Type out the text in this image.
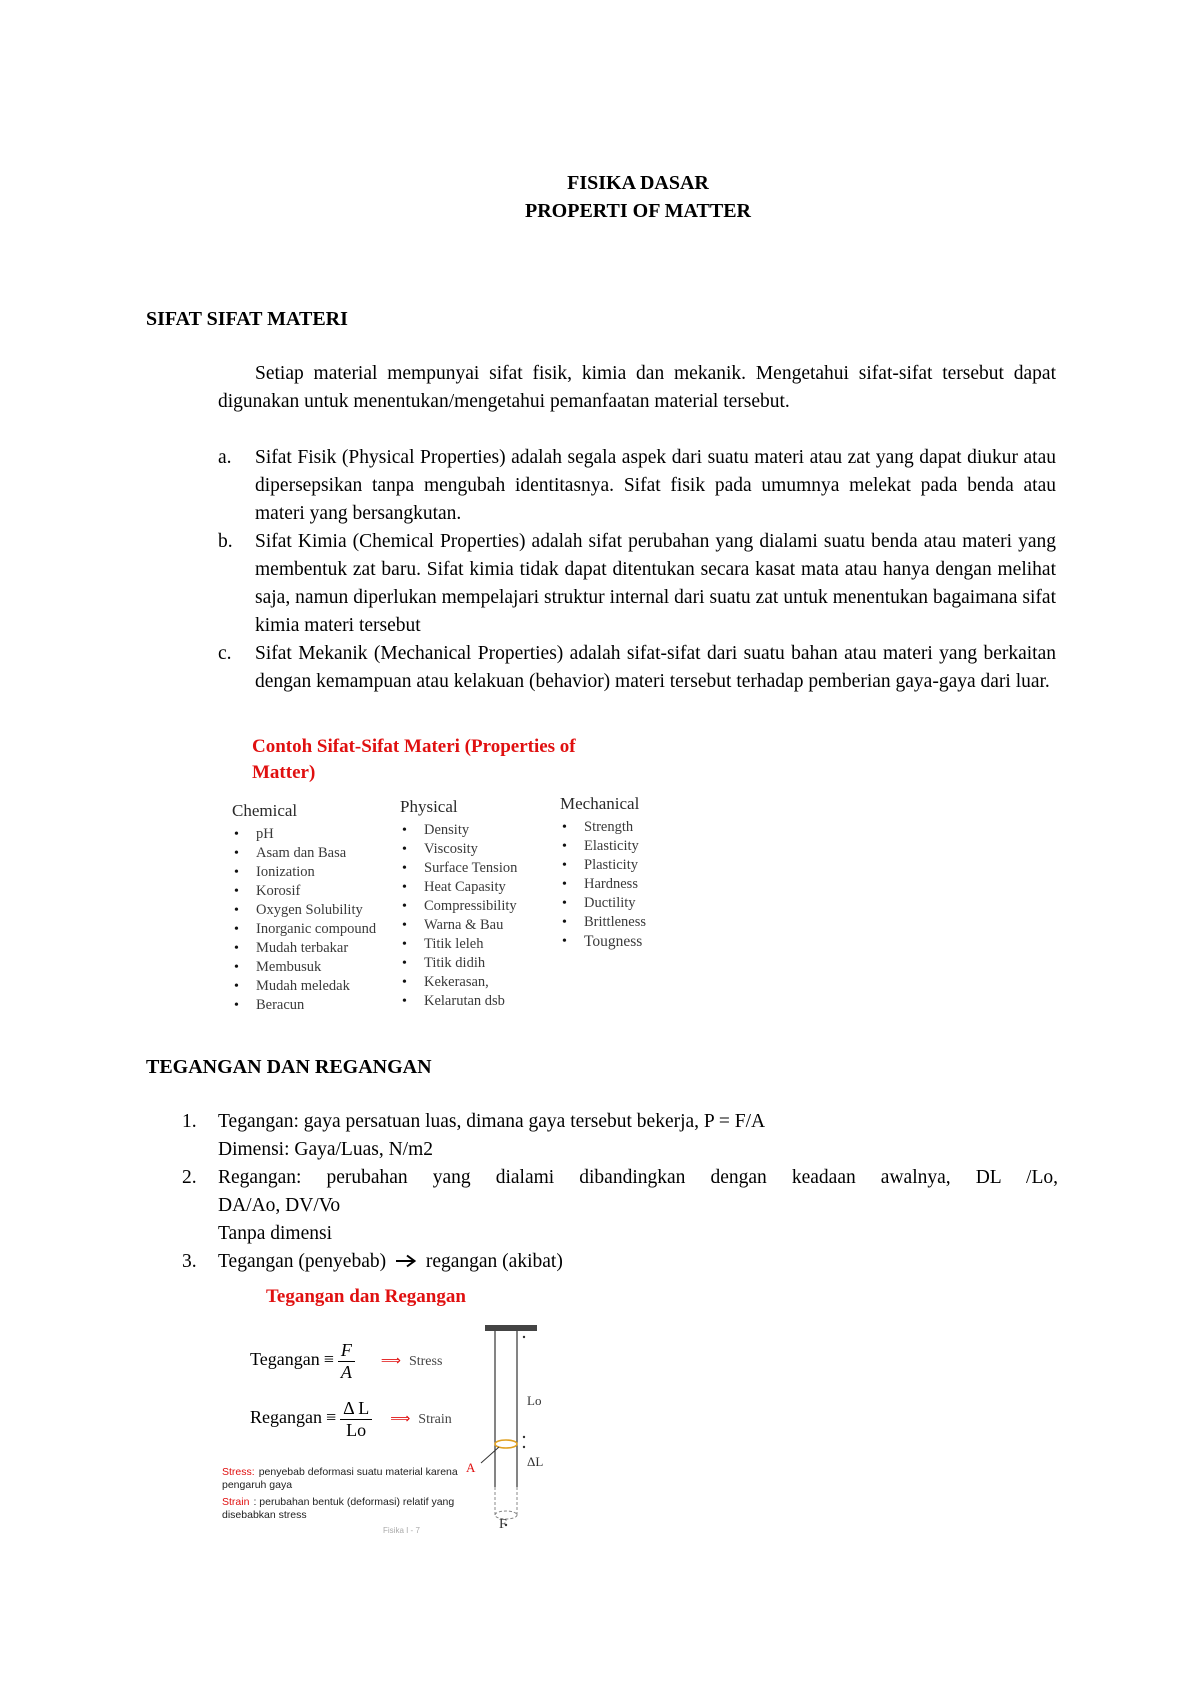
FISIKA DASAR
PROPERTI OF MATTER
SIFAT SIFAT MATERI
Setiap material mempunyai sifat fisik, kimia dan mekanik. Mengetahui sifat-sifat tersebut dapat digunakan untuk menentukan/mengetahui pemanfaatan material tersebut.
a. Sifat Fisik (Physical Properties) adalah segala aspek dari suatu materi atau zat yang dapat diukur atau dipersepsikan tanpa mengubah identitasnya. Sifat fisik pada umumnya melekat pada benda atau materi yang bersangkutan.
b. Sifat Kimia (Chemical Properties) adalah sifat perubahan yang dialami suatu benda atau materi yang membentuk zat baru. Sifat kimia tidak dapat ditentukan secara kasat mata atau hanya dengan melihat saja, namun diperlukan mempelajari struktur internal dari suatu zat untuk menentukan bagaimana sifat kimia materi tersebut
c. Sifat Mekanik (Mechanical Properties) adalah sifat-sifat dari suatu bahan atau materi yang berkaitan dengan kemampuan atau kelakuan (behavior) materi tersebut terhadap pemberian gaya-gaya dari luar.
Contoh Sifat-Sifat Materi (Properties of
Matter)
Chemical
• pH
• Asam dan Basa
• Ionization
• Korosif
• Oxygen Solubility
• Inorganic compound
• Mudah terbakar
• Membusuk
• Mudah meledak
• Beracun
Physical
• Density
• Viscosity
• Surface Tension
• Heat Capasity
• Compressibility
• Warna & Bau
• Titik leleh
• Titik didih
• Kekerasan,
• Kelarutan dsb
Mechanical
• Strength
• Elasticity
• Plasticity
• Hardness
• Ductility
• Brittleness
• Tougness
TEGANGAN DAN REGANGAN
1. Tegangan: gaya persatuan luas, dimana gaya tersebut bekerja, P = F/A
Dimensi: Gaya/Luas, N/m2
2. Regangan: perubahan yang dialami dibandingkan dengan keadaan awalnya, DL /Lo,
DA/Ao, DV/Vo
Tanpa dimensi
3. Tegangan (penyebab) regangan (akibat)
Tegangan dan Regangan
Tegangan ≡ $\frac{F}{A}$ ⟹ Stress
Regangan ≡ $\frac{\text{Δ L}}{Lo}$ ⟹ Strain
Stress: penyebab deformasi suatu material karena
pengaruh gaya
Strain : perubahan bentuk (deformasi) relatif yang
disebabkan stress
Fisika I - 7
Lo
A	ΔL
F
